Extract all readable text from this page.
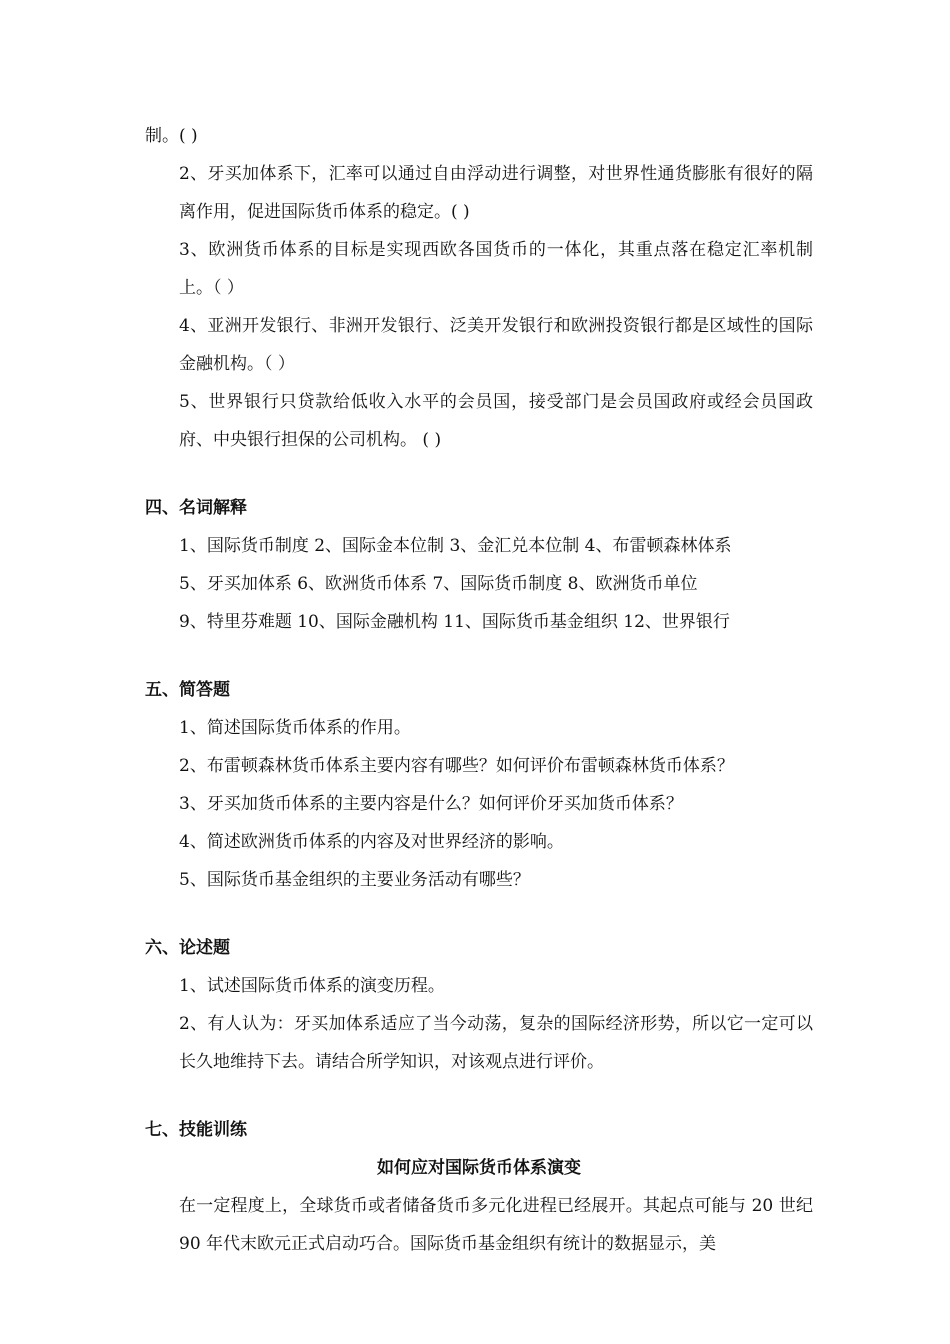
制。( )

2、牙买加体系下，汇率可以通过自由浮动进行调整，对世界性通货膨胀有很好的隔离作用，促进国际货币体系的稳定。( )

3、欧洲货币体系的目标是实现西欧各国货币的一体化，其重点落在稳定汇率机制上。（ ）

4、亚洲开发银行、非洲开发银行、泛美开发银行和欧洲投资银行都是区域性的国际金融机构。（ ）

5、世界银行只贷款给低收入水平的会员国，接受部门是会员国政府或经会员国政府、中央银行担保的公司机构。 ( )

四、名词解释

1、国际货币制度 2、国际金本位制 3、金汇兑本位制 4、布雷顿森林体系

5、牙买加体系 6、欧洲货币体系 7、国际货币制度 8、欧洲货币单位

9、特里芬难题 10、国际金融机构 11、国际货币基金组织 12、世界银行

五、简答题

1、简述国际货币体系的作用。

2、布雷顿森林货币体系主要内容有哪些？如何评价布雷顿森林货币体系？

3、牙买加货币体系的主要内容是什么？如何评价牙买加货币体系？

4、简述欧洲货币体系的内容及对世界经济的影响。

5、国际货币基金组织的主要业务活动有哪些？

六、论述题

1、试述国际货币体系的演变历程。

2、有人认为：牙买加体系适应了当今动荡，复杂的国际经济形势，所以它一定可以长久地维持下去。请结合所学知识，对该观点进行评价。

七、技能训练

如何应对国际货币体系演变

在一定程度上，全球货币或者储备货币多元化进程已经展开。其起点可能与 20 世纪 90 年代末欧元正式启动巧合。国际货币基金组织有统计的数据显示，美
